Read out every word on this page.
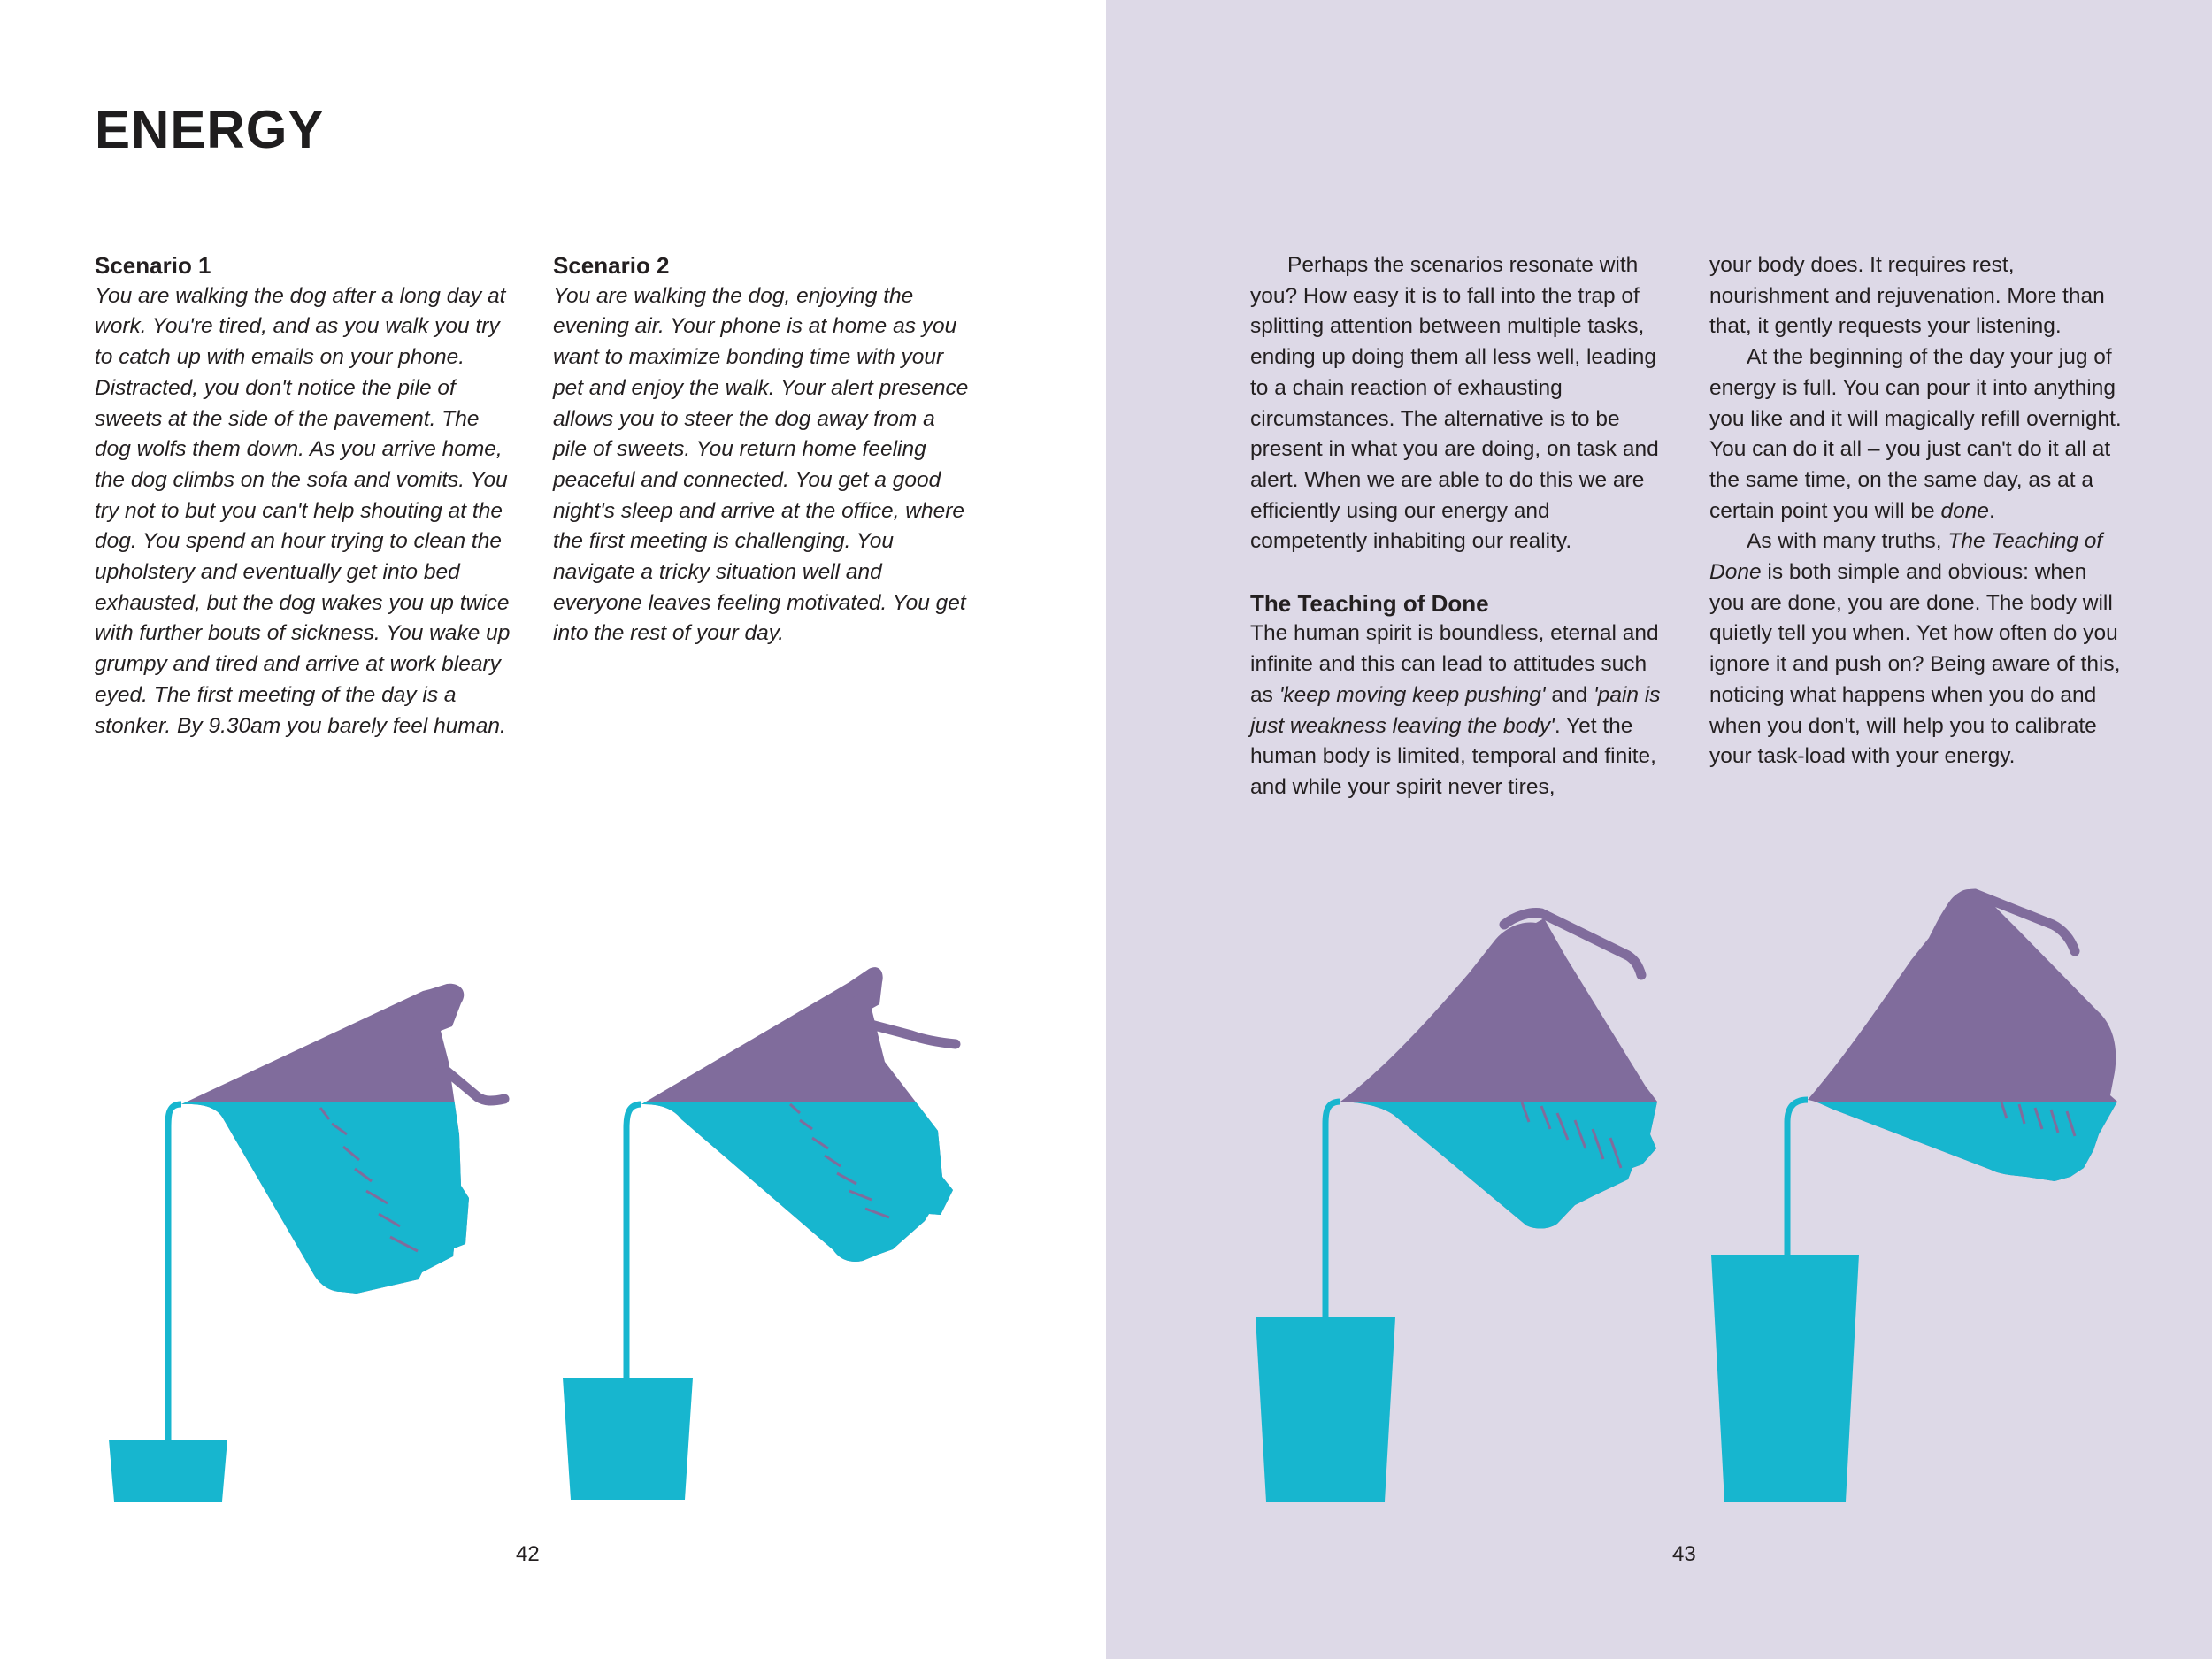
ENERGY
Scenario 1

You are walking the dog after a long day at work. You're tired, and as you walk you try to catch up with emails on your phone. Distracted, you don't notice the pile of sweets at the side of the pavement. The dog wolfs them down. As you arrive home, the dog climbs on the sofa and vomits. You try not to but you can't help shouting at the dog. You spend an hour trying to clean the upholstery and eventually get into bed exhausted, but the dog wakes you up twice with further bouts of sickness. You wake up grumpy and tired and arrive at work bleary eyed. The first meeting of the day is a stonker. By 9.30am you barely feel human.

Scenario 2

You are walking the dog, enjoying the evening air. Your phone is at home as you want to maximize bonding time with your pet and enjoy the walk. Your alert presence allows you to steer the dog away from a pile of sweets. You return home feeling peaceful and connected. You get a good night's sleep and arrive at the office, where the first meeting is challenging. You navigate a tricky situation well and everyone leaves feeling motivated. You get into the rest of your day.

Perhaps the scenarios resonate with you? How easy it is to fall into the trap of splitting attention between multiple tasks, ending up doing them all less well, leading to a chain reaction of exhausting circumstances. The alternative is to be present in what you are doing, on task and alert. When we are able to do this we are efficiently using our energy and competently inhabiting our reality.

The Teaching of Done

The human spirit is boundless, eternal and infinite and this can lead to attitudes such as 'keep moving keep pushing' and 'pain is just weakness leaving the body'. Yet the human body is limited, temporal and finite, and while your spirit never tires,

your body does. It requires rest, nourishment and rejuvenation. More than that, it gently requests your listening.

At the beginning of the day your jug of energy is full. You can pour it into anything you like and it will magically refill overnight. You can do it all – you just can't do it all at the same time, on the same day, as at a certain point you will be done.

As with many truths, The Teaching of Done is both simple and obvious: when you are done, you are done. The body will quietly tell you when. Yet how often do you ignore it and push on? Being aware of this, noticing what happens when you do and when you don't, will help you to calibrate your task-load with your energy.

42	43
